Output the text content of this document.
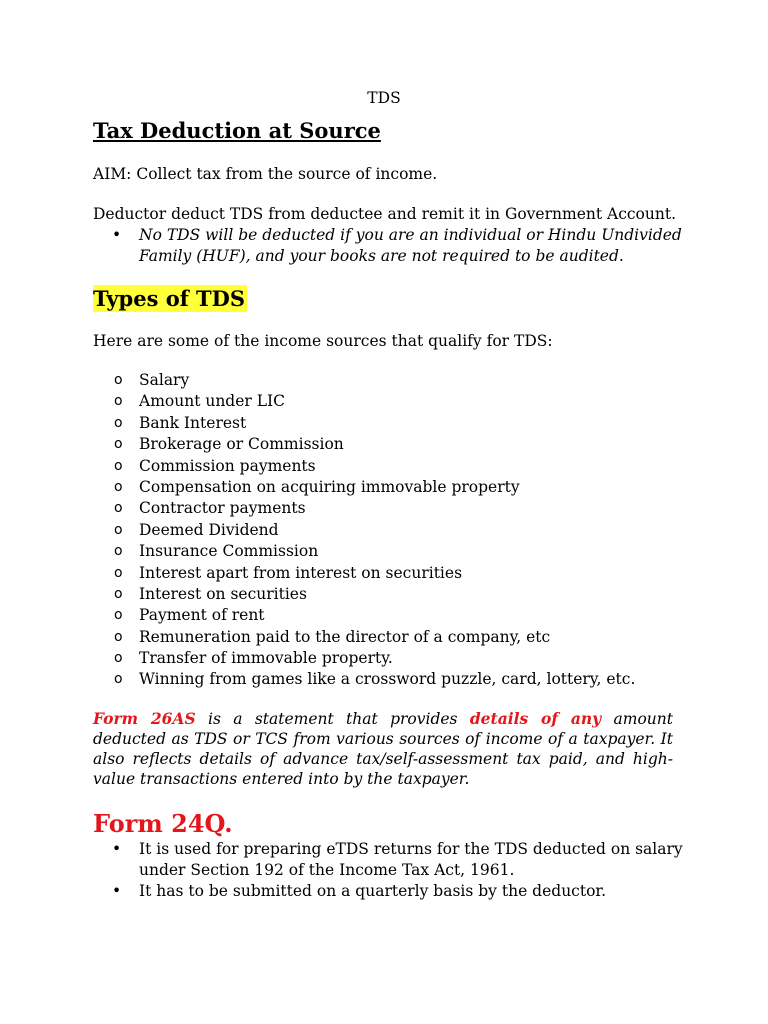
TDS

Tax Deduction at Source

AIM: Collect tax from the source of income.

Deductor deduct TDS from deductee and remit it in Government Account.

• No TDS will be deducted if you are an individual or Hindu Undivided Family (HUF), and your books are not required to be audited.
Types of TDS

Here are some of the income sources that qualify for TDS:

o Salary
o Amount under LIC
o Bank Interest
o Brokerage or Commission
o Commission payments
o Compensation on acquiring immovable property
o Contractor payments
o Deemed Dividend
o Insurance Commission
o Interest apart from interest on securities
o Interest on securities
o Payment of rent
o Remuneration paid to the director of a company, etc
o Transfer of immovable property.
o Winning from games like a crossword puzzle, card, lottery, etc.

Form 26AS is a statement that provides details of any amount deducted as TDS or TCS from various sources of income of a taxpayer. It also reflects details of advance tax/self-assessment tax paid, and high-value transactions entered into by the taxpayer.

Form 24Q.
• It is used for preparing eTDS returns for the TDS deducted on salary under Section 192 of the Income Tax Act, 1961.
• It has to be submitted on a quarterly basis by the deductor.
